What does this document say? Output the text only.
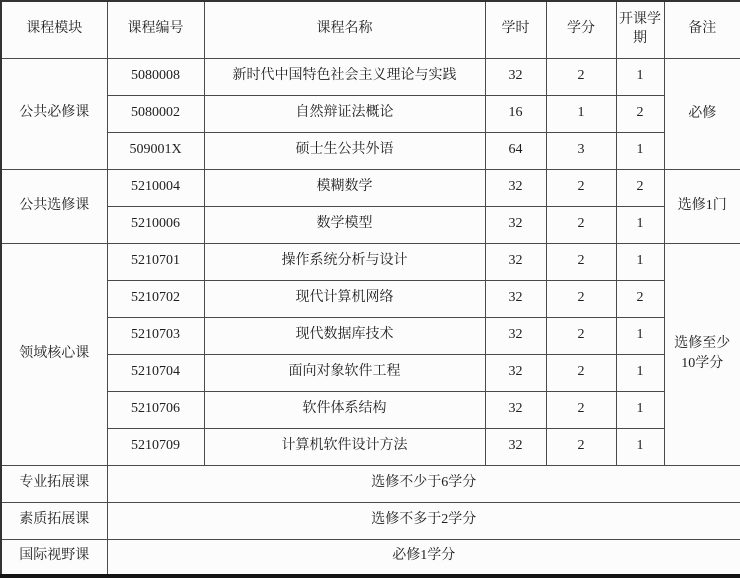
课程模块	课程编号	课程名称	学时	学分	开课学期	备注
公共必修课	5080008	新时代中国特色社会主义理论与实践	32	2	1	必修
	5080002	自然辩证法概论	16	1	2	
	509001X	硕士生公共外语	64	3	1	
公共选修课	5210004	模糊数学	32	2	2	选修1门
	5210006	数学模型	32	2	1	
领域核心课	5210701	操作系统分析与设计	32	2	1	选修至少10学分
	5210702	现代计算机网络	32	2	2	
	5210703	现代数据库技术	32	2	1	
	5210704	面向对象软件工程	32	2	1	
	5210706	软件体系结构	32	2	1	
	5210709	计算机软件设计方法	32	2	1	
专业拓展课	选修不少于6学分					
素质拓展课	选修不多于2学分					
国际视野课	必修1学分					
